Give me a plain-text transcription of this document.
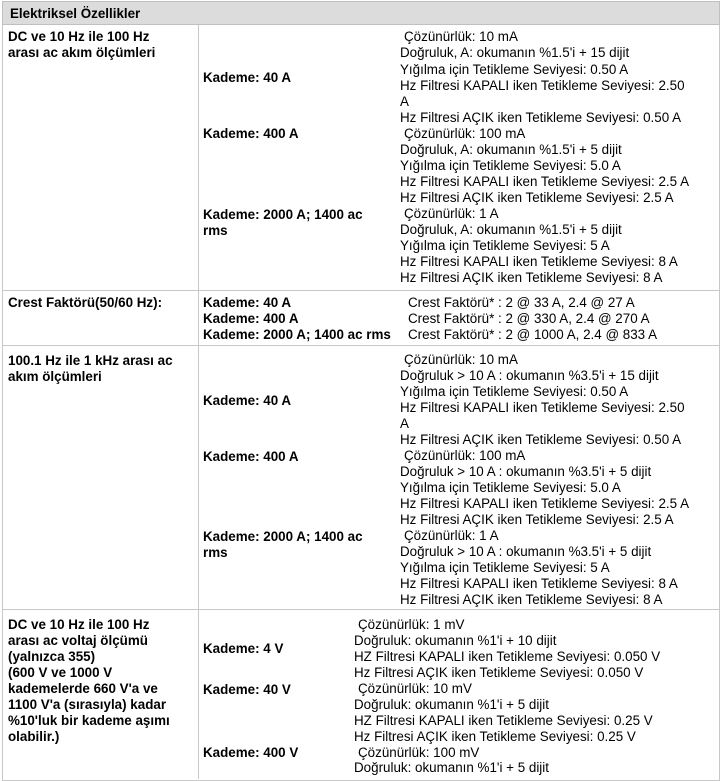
Elektriksel Özellikler
DC ve 10 Hz ile 100 Hz
arası ac akım ölçümleri
Kademe: 40 A
Kademe: 400 A
Kademe: 2000 A; 1400 ac
rms
Çözünürlük: 10 mA
Doğruluk, A: okumanın %1.5'i + 15 dijit
Yığılma için Tetikleme Seviyesi: 0.50 A
Hz Filtresi KAPALI iken Tetikleme Seviyesi: 2.50
A
Hz Filtresi AÇIK iken Tetikleme Seviyesi: 0.50 A
Çözünürlük: 100 mA
Doğruluk, A: okumanın %1.5'i + 5 dijit
Yığılma için Tetikleme Seviyesi: 5.0 A
Hz Filtresi KAPALI iken Tetikleme Seviyesi: 2.5 A
Hz Filtresi AÇIK iken Tetikleme Seviyesi: 2.5 A
Çözünürlük: 1 A
Doğruluk, A: okumanın %1.5'i + 5 dijit
Yığılma için Tetikleme Seviyesi: 5 A
Hz Filtresi KAPALI iken Tetikleme Seviyesi: 8 A
Hz Filtresi AÇIK iken Tetikleme Seviyesi: 8 A
Crest Faktörü(50/60 Hz):	Kademe: 40 A
Kademe: 400 A
Kademe: 2000 A; 1400 ac rms
Crest Faktörü* : 2 @ 33 A, 2.4 @ 27 A
Crest Faktörü* : 2 @ 330 A, 2.4 @ 270 A
Crest Faktörü* : 2 @ 1000 A, 2.4 @ 833 A
100.1 Hz ile 1 kHz arası ac
akım ölçümleri
Kademe: 40 A
Kademe: 400 A
Kademe: 2000 A; 1400 ac
rms
Çözünürlük: 10 mA
Doğruluk > 10 A : okumanın %3.5'i + 15 dijit
Yığılma için Tetikleme Seviyesi: 0.50 A
Hz Filtresi KAPALI iken Tetikleme Seviyesi: 2.50
A
Hz Filtresi AÇIK iken Tetikleme Seviyesi: 0.50 A
Çözünürlük: 100 mA
Doğruluk > 10 A : okumanın %3.5'i + 5 dijit
Yığılma için Tetikleme Seviyesi: 5.0 A
Hz Filtresi KAPALI iken Tetikleme Seviyesi: 2.5 A
Hz Filtresi AÇIK iken Tetikleme Seviyesi: 2.5 A
Çözünürlük: 1 A
Doğruluk > 10 A : okumanın %3.5'i + 5 dijit
Yığılma için Tetikleme Seviyesi: 5 A
Hz Filtresi KAPALI iken Tetikleme Seviyesi: 8 A
Hz Filtresi AÇIK iken Tetikleme Seviyesi: 8 A
DC ve 10 Hz ile 100 Hz
arası ac voltaj ölçümü
(yalnızca 355)
(600 V ve 1000 V
kademelerde 660 V'a ve
1100 V'a (sırasıyla) kadar
%10'luk bir kademe aşımı
olabilir.)
Kademe: 4 V
Kademe: 40 V
Kademe: 400 V
Çözünürlük: 1 mV
Doğruluk: okumanın %1'i + 10 dijit
HZ Filtresi KAPALI iken Tetikleme Seviyesi: 0.050 V
Hz Filtresi AÇIK iken Tetikleme Seviyesi: 0.050 V
Çözünürlük: 10 mV
Doğruluk: okumanın %1'i + 5 dijit
HZ Filtresi KAPALI iken Tetikleme Seviyesi: 0.25 V
Hz Filtresi AÇIK iken Tetikleme Seviyesi: 0.25 V
Çözünürlük: 100 mV
Doğruluk: okumanın %1'i + 5 dijit
